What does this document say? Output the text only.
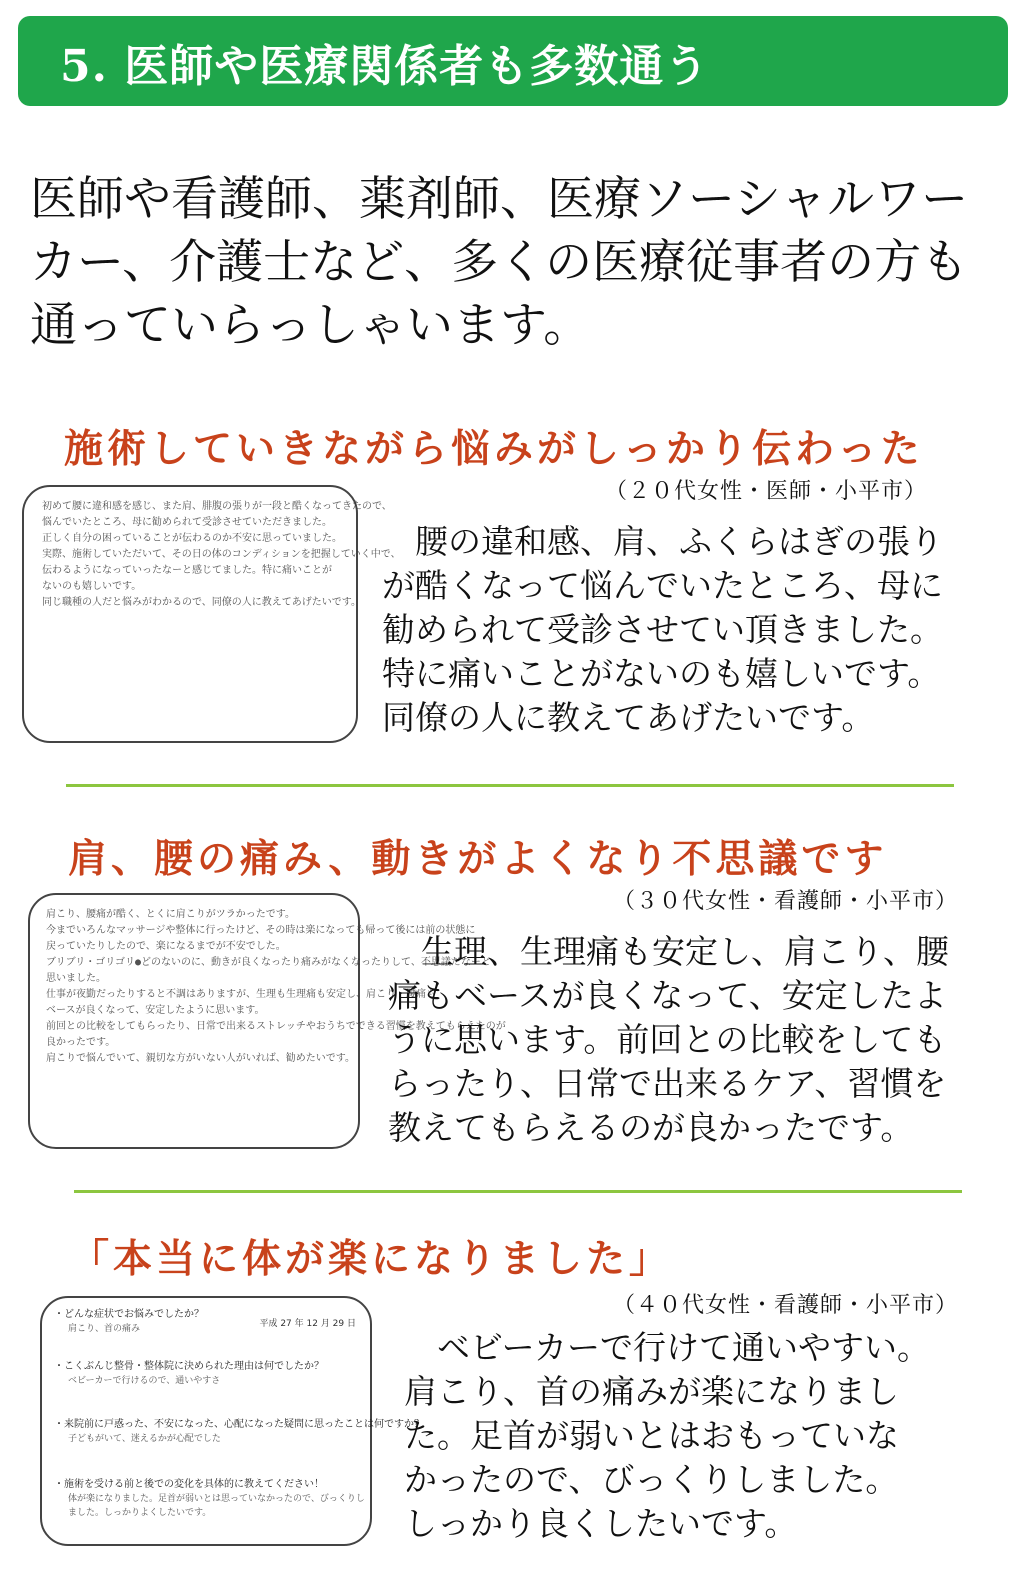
5. 医師や医療関係者も多数通う
医師や看護師、薬剤師、医療ソーシャルワー
カー、介護士など、多くの医療従事者の方も
通っていらっしゃいます。
施術していきながら悩みがしっかり伝わった
（２０代女性・医師・小平市）
初めて腰に違和感を感じ、また肩、腓腹の張りが一段と酷くなってきたので、
悩んでいたところ、母に勧められて受診させていただきました。
正しく自分の困っていることが伝わるのか不安に思っていました。
実際、施術していただいて、その日の体のコンディションを把握していく中で、
伝わるようになっていったなーと感じてました。特に痛いことが
ないのも嬉しいです。
同じ職種の人だと悩みがわかるので、同僚の人に教えてあげたいです。
　腰の違和感、肩、ふくらはぎの張り
が酷くなって悩んでいたところ、母に
勧められて受診させてい頂きました。
特に痛いことがないのも嬉しいです。
同僚の人に教えてあげたいです。
肩、腰の痛み、動きがよくなり不思議です
（３０代女性・看護師・小平市）
肩こり、腰痛が酷く、とくに肩こりがツラかったです。
今までいろんなマッサージや整体に行ったけど、その時は楽になっても帰って後には前の状態に
戻っていたりしたので、楽になるまでが不安でした。
ブリブリ・ゴリゴリ●どのないのに、動きが良くなったり痛みがなくなったりして、不思議だなーと
思いました。
仕事が夜勤だったりすると不調はありますが、生理も生理痛も安定し、肩こり・腰痛も
ベースが良くなって、安定したように思います。
前回との比較をしてもらったり、日常で出来るストレッチやおうちでできる習慣を教えてもらえたのが
良かったです。
肩こりで悩んでいて、親切な方がいない人がいれば、勧めたいです。
　生理、生理痛も安定し、肩こり、腰
痛もベースが良くなって、安定したよ
うに思います。前回との比較をしても
らったり、日常で出来るケア、習慣を
教えてもらえるのが良かったです。
「本当に体が楽になりました」
（４０代女性・看護師・小平市）
平成 27 年 12 月 29 日
・どんな症状でお悩みでしたか？
肩こり、首の痛み
・こくぶんじ整骨・整体院に決められた理由は何でしたか？
ベビーカーで行けるので、通いやすさ
・来院前に戸惑った、不安になった、心配になった疑問に思ったことは何ですか？
子どもがいて、迷えるかが心配でした
・施術を受ける前と後での変化を具体的に教えてください！
体が楽になりました。足首が弱いとは思っていなかったので、びっくりしました。しっかりよくしたいです。
　ベビーカーで行けて通いやすい。
肩こり、首の痛みが楽になりまし
た。足首が弱いとはおもっていな
かったので、びっくりしました。
しっかり良くしたいです。
